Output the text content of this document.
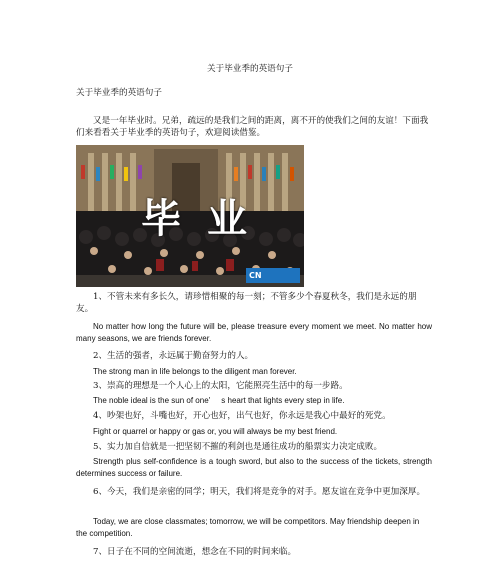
关于毕业季的英语句子
关于毕业季的英语句子
又是一年毕业时。兄弟，疏远的是我们之间的距离，离不开的使我们之间的友谊！下面我们来看看关于毕业季的英语句子，欢迎阅读借鉴。
毕 业
CN
1、不管未来有多长久，请珍惜相聚的每一刻；不管多少个春夏秋冬，我们是永远的朋友。
No matter how long the future will be, please treasure every moment we meet. No matter how many seasons, we are friends forever.
2、生活的强者，永远属于勤奋努力的人。
The strong man in life belongs to the diligent man forever.
3、崇高的理想是一个人心上的太阳，它能照亮生活中的每一步路。
The noble ideal is the sun of one'     s heart that lights every step in life.
4、吵架也好，斗嘴也好，开心也好，出气也好，你永远是我心中最好的死党。
Fight or quarrel or happy or gas or, you will always be my best friend.
5、实力加自信就是一把坚韧不摧的利剑也是通往成功的船票实力决定成败。
Strength plus self-confidence is a tough sword, but also to the success of the tickets, strength determines success or failure.
6、今天，我们是亲密的同学；明天，我们将是竞争的对手。愿友谊在竞争中更加深厚。
Today, we are close classmates; tomorrow, we will be competitors. May friendship deepen in the competition.
7、日子在不同的空间流逝，想念在不同的时间来临。
